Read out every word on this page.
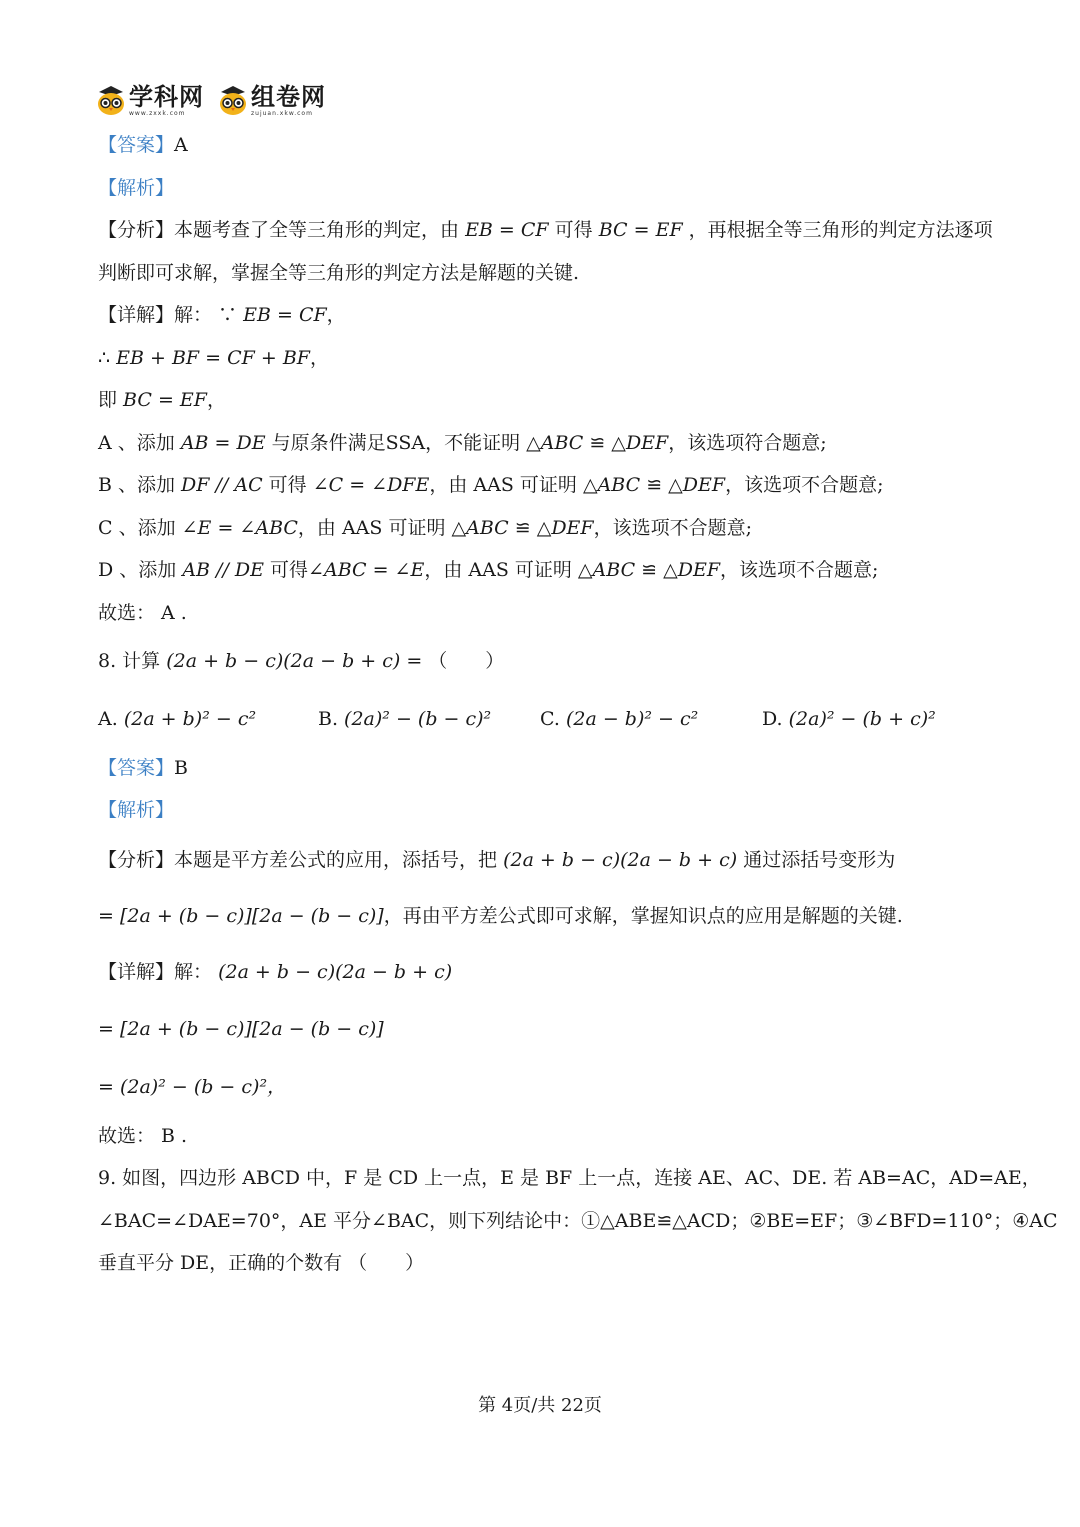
学科网
www.zxxk.com
组卷网
zujuan.xkw.com
【答案】A
【解析】
【分析】本题考查了全等三角形的判定，由 EB = CF 可得 BC = EF ，再根据全等三角形的判定方法逐项
判断即可求解，掌握全等三角形的判定方法是解题的关键.
【详解】解： ∵ EB = CF，
∴ EB + BF = CF + BF，
即 BC = EF，
A 、添加 AB = DE 与原条件满足SSA，不能证明 △ABC ≌ △DEF，该选项符合题意;
B 、添加 DF // AC 可得 ∠C = ∠DFE，由 AAS 可证明 △ABC ≌ △DEF，该选项不合题意;
C 、添加 ∠E = ∠ABC，由 AAS 可证明 △ABC ≌ △DEF，该选项不合题意;
D 、添加 AB // DE 可得∠ABC = ∠E，由 AAS 可证明 △ABC ≌ △DEF，该选项不合题意;
故选： A .
8. 计算 (2a + b − c)(2a − b + c) = （　　）
A. (2a + b)² − c²	B. (2a)² − (b − c)²	C. (2a − b)² − c²	D. (2a)² − (b + c)²
【答案】B
【解析】
【分析】本题是平方差公式的应用，添括号，把 (2a + b − c)(2a − b + c) 通过添括号变形为
= [2a + (b − c)][2a − (b − c)]，再由平方差公式即可求解，掌握知识点的应用是解题的关键.
【详解】解： (2a + b − c)(2a − b + c)
= [2a + (b − c)][2a − (b − c)]
= (2a)² − (b − c)²，
故选： B .
9. 如图，四边形 ABCD 中，F 是 CD 上一点，E 是 BF 上一点，连接 AE、AC、DE. 若 AB=AC，AD=AE，
∠BAC=∠DAE=70°，AE 平分∠BAC，则下列结论中：①△ABE≌△ACD；②BE=EF；③∠BFD=110°；④AC
垂直平分 DE，正确的个数有 （　　）
第 4页/共 22页
